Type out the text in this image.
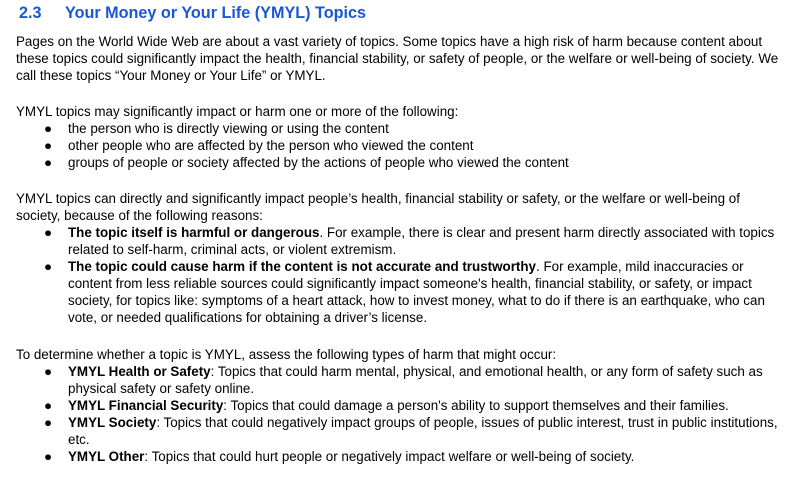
2.3 Your Money or Your Life (YMYL) Topics

Pages on the World Wide Web are about a vast variety of topics. Some topics have a high risk of harm because content about these topics could significantly impact the health, financial stability, or safety of people, or the welfare or well-being of society. We call these topics “Your Money or Your Life” or YMYL.

YMYL topics may significantly impact or harm one or more of the following:

● the person who is directly viewing or using the content
● other people who are affected by the person who viewed the content
● groups of people or society affected by the actions of people who viewed the content

YMYL topics can directly and significantly impact people’s health, financial stability or safety, or the welfare or well-being of society, because of the following reasons:

● The topic itself is harmful or dangerous. For example, there is clear and present harm directly associated with topics related to self-harm, criminal acts, or violent extremism.
● The topic could cause harm if the content is not accurate and trustworthy. For example, mild inaccuracies or content from less reliable sources could significantly impact someone's health, financial stability, or safety, or impact society, for topics like: symptoms of a heart attack, how to invest money, what to do if there is an earthquake, who can vote, or needed qualifications for obtaining a driver’s license.

To determine whether a topic is YMYL, assess the following types of harm that might occur:

● YMYL Health or Safety: Topics that could harm mental, physical, and emotional health, or any form of safety such as physical safety or safety online.
● YMYL Financial Security: Topics that could damage a person's ability to support themselves and their families.
● YMYL Society: Topics that could negatively impact groups of people, issues of public interest, trust in public institutions, etc.
● YMYL Other: Topics that could hurt people or negatively impact welfare or well-being of society.
